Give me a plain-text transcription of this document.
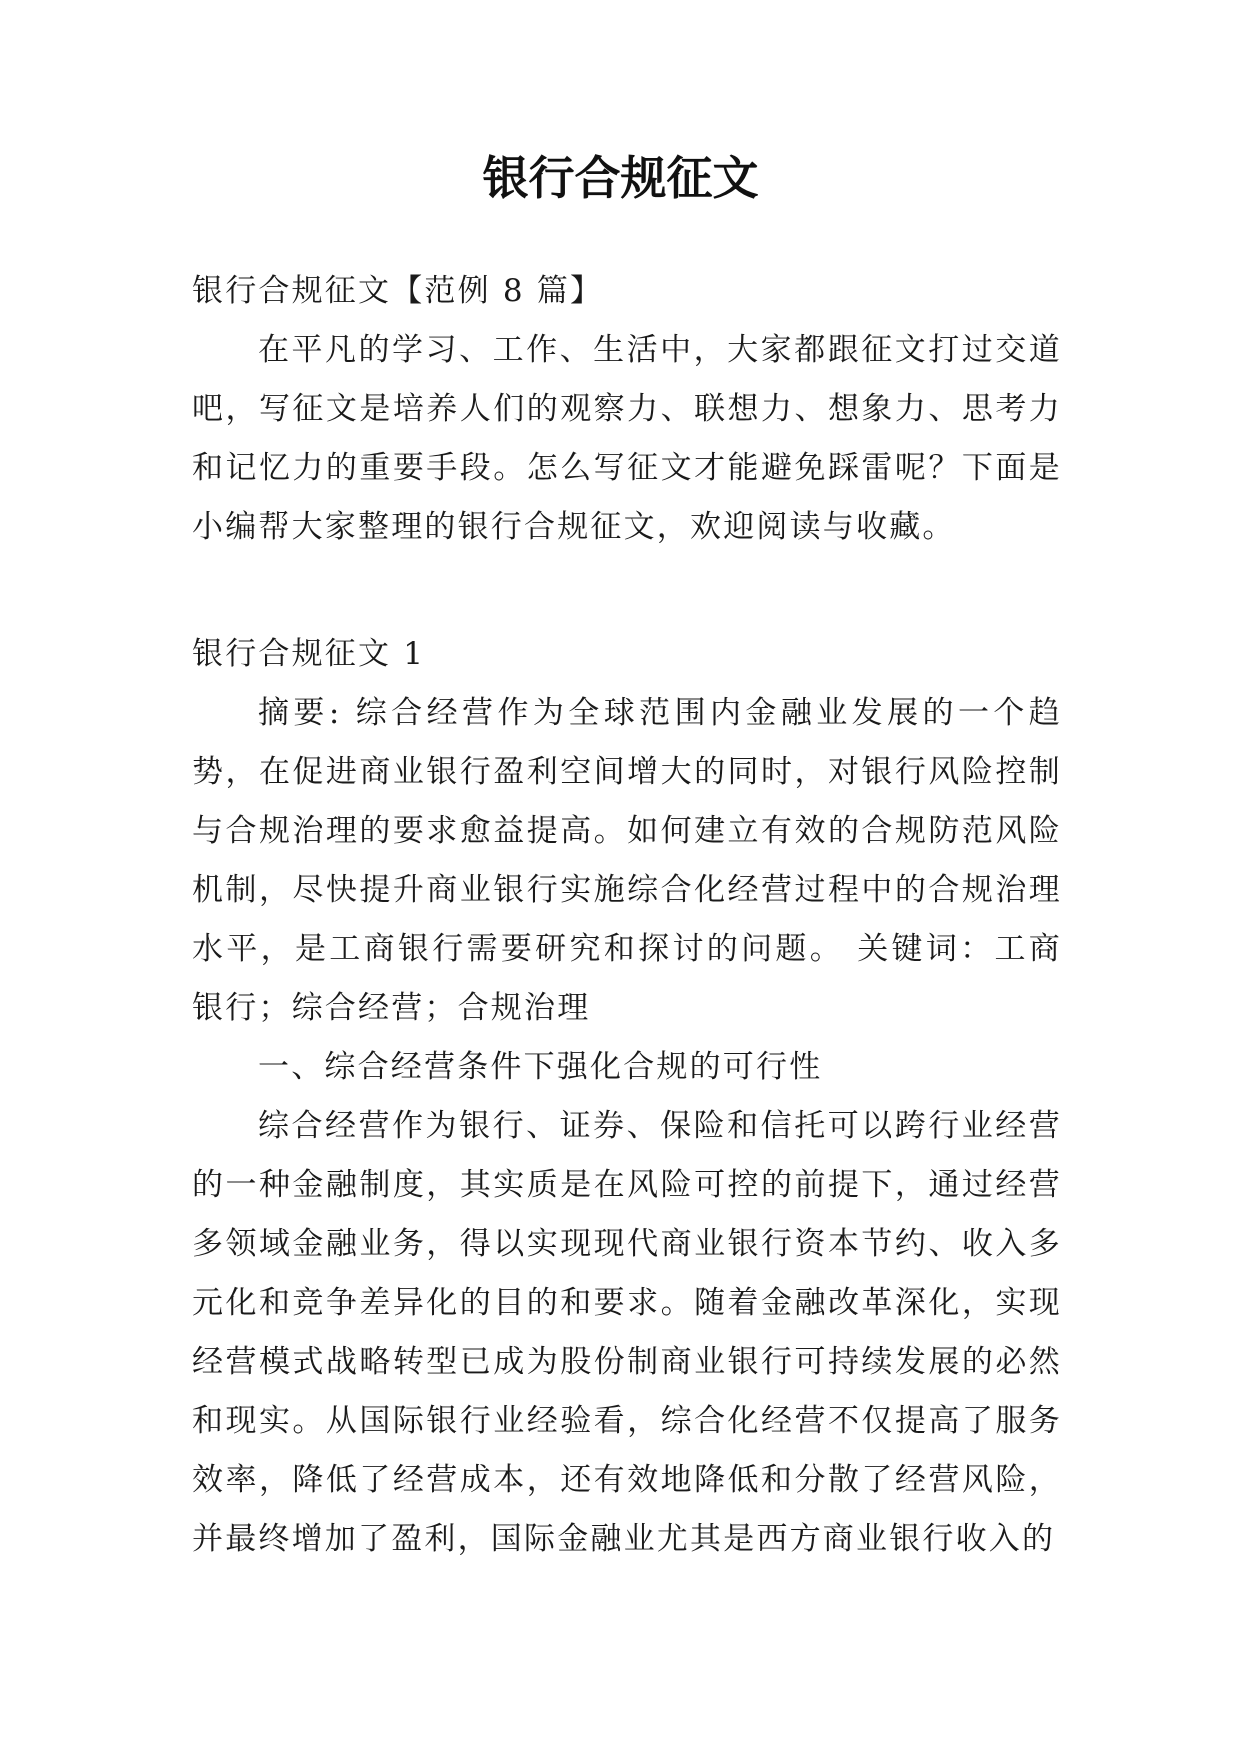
银行合规征文

银行合规征文【范例 8 篇】

在平凡的学习、工作、生活中，大家都跟征文打过交道吧，写征文是培养人们的观察力、联想力、想象力、思考力和记忆力的重要手段。怎么写征文才能避免踩雷呢？下面是小编帮大家整理的银行合规征文，欢迎阅读与收藏。

银行合规征文 1

摘要: 综合经营作为全球范围内金融业发展的一个趋势，在促进商业银行盈利空间增大的同时，对银行风险控制与合规治理的要求愈益提高。如何建立有效的合规防范风险机制，尽快提升商业银行实施综合化经营过程中的合规治理水平，是工商银行需要研究和探讨的问题。 关键词：工商银行；综合经营；合规治理

一、综合经营条件下强化合规的可行性

综合经营作为银行、证券、保险和信托可以跨行业经营的一种金融制度，其实质是在风险可控的前提下，通过经营多领域金融业务，得以实现现代商业银行资本节约、收入多元化和竞争差异化的目的和要求。随着金融改革深化，实现经营模式战略转型已成为股份制商业银行可持续发展的必然和现实。从国际银行业经验看，综合化经营不仅提高了服务效率，降低了经营成本，还有效地降低和分散了经营风险，并最终增加了盈利，国际金融业尤其是西方商业银行收入的
